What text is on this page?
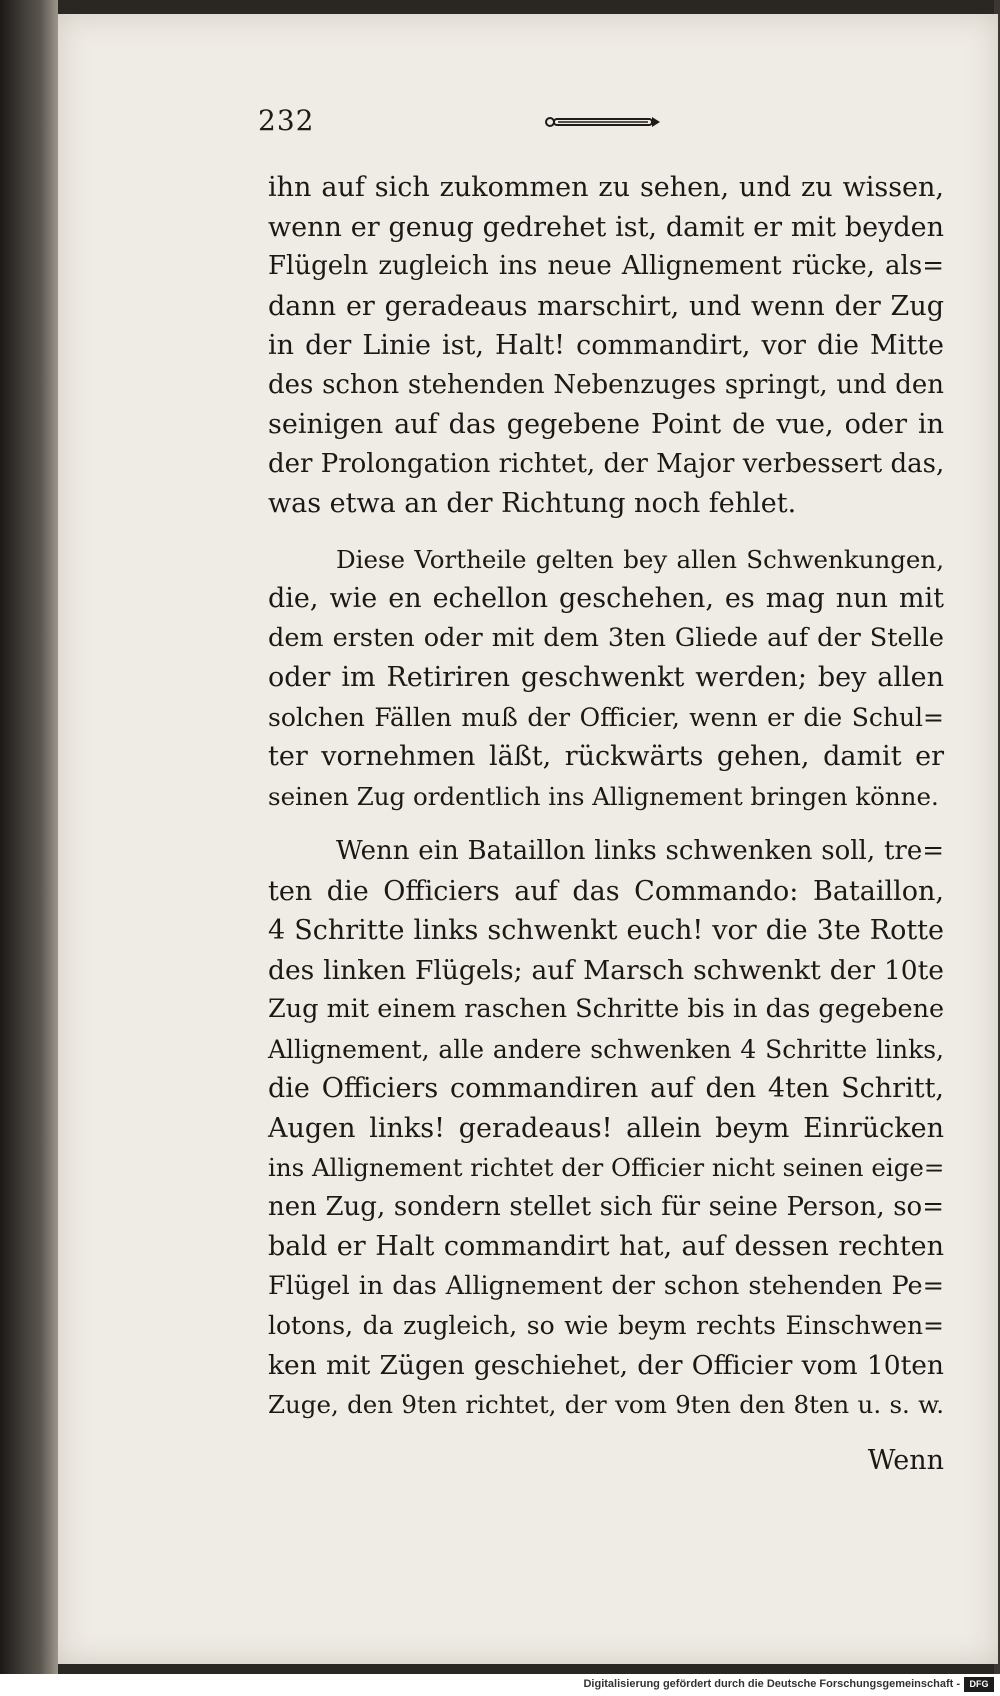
232
ihn auf sich zukommen zu sehen, und zu wissen,
wenn er genug gedrehet ist, damit er mit beyden
Flügeln zugleich ins neue Allignement rücke, als=
dann er geradeaus marschirt, und wenn der Zug
in der Linie ist, Halt! commandirt, vor die Mitte
des schon stehenden Nebenzuges springt, und den
seinigen auf das gegebene Point de vue, oder in
der Prolongation richtet, der Major verbessert das,
was etwa an der Richtung noch fehlet.
Diese Vortheile gelten bey allen Schwenkungen,
die, wie en echellon geschehen, es mag nun mit
dem ersten oder mit dem 3ten Gliede auf der Stelle
oder im Retiriren geschwenkt werden; bey allen
solchen Fällen muß der Officier, wenn er die Schul=
ter vornehmen läßt, rückwärts gehen, damit er
seinen Zug ordentlich ins Allignement bringen könne.
Wenn ein Bataillon links schwenken soll, tre=
ten die Officiers auf das Commando: Bataillon,
4 Schritte links schwenkt euch! vor die 3te Rotte
des linken Flügels; auf Marsch schwenkt der 10te
Zug mit einem raschen Schritte bis in das gegebene
Allignement, alle andere schwenken 4 Schritte links,
die Officiers commandiren auf den 4ten Schritt,
Augen links! geradeaus! allein beym Einrücken
ins Allignement richtet der Officier nicht seinen eige=
nen Zug, sondern stellet sich für seine Person, so=
bald er Halt commandirt hat, auf dessen rechten
Flügel in das Allignement der schon stehenden Pe=
lotons, da zugleich, so wie beym rechts Einschwen=
ken mit Zügen geschiehet, der Officier vom 10ten
Zuge, den 9ten richtet, der vom 9ten den 8ten u. s. w.
Wenn
Digitalisierung gefördert durch die Deutsche Forschungsgemeinschaft -	DFG
